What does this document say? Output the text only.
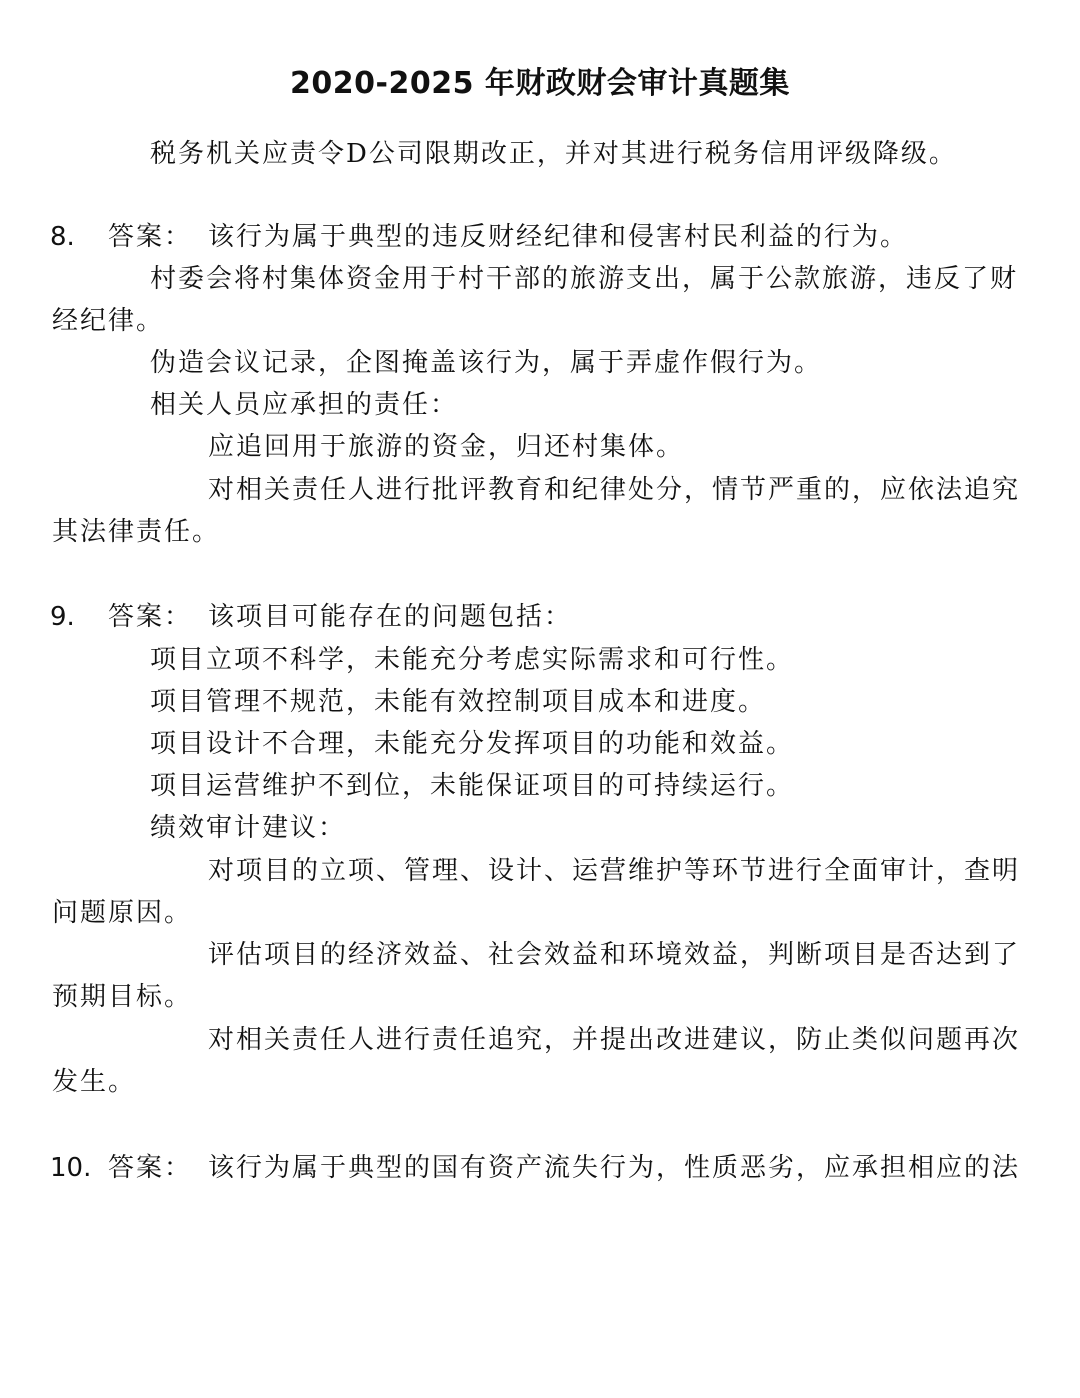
2020-2025 年财政财会审计真题集
税务机关应责令D公司限期改正，并对其进行税务信用评级降级。
8. 答案： 该行为属于典型的违反财经纪律和侵害村民利益的行为。
村委会将村集体资金用于村干部的旅游支出，属于公款旅游，违反了财
经纪律。
伪造会议记录，企图掩盖该行为，属于弄虚作假行为。
相关人员应承担的责任：
应追回用于旅游的资金，归还村集体。
对相关责任人进行批评教育和纪律处分，情节严重的，应依法追究
其法律责任。
9. 答案： 该项目可能存在的问题包括：
项目立项不科学，未能充分考虑实际需求和可行性。
项目管理不规范，未能有效控制项目成本和进度。
项目设计不合理，未能充分发挥项目的功能和效益。
项目运营维护不到位，未能保证项目的可持续运行。
绩效审计建议：
对项目的立项、管理、设计、运营维护等环节进行全面审计，查明
问题原因。
评估项目的经济效益、社会效益和环境效益，判断项目是否达到了
预期目标。
对相关责任人进行责任追究，并提出改进建议，防止类似问题再次
发生。
10. 答案： 该行为属于典型的国有资产流失行为，性质恶劣，应承担相应的法
